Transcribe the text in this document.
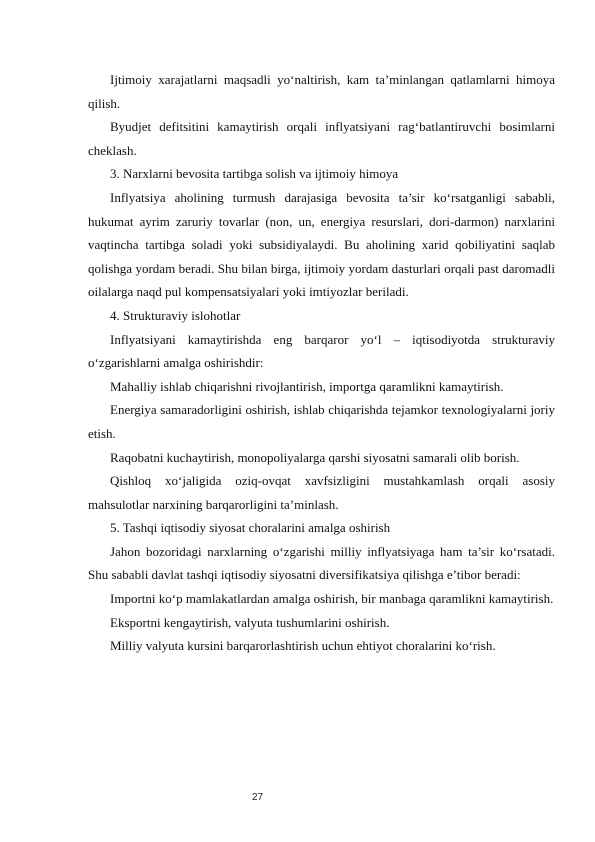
Ijtimoiy xarajatlarni maqsadli yo‘naltirish, kam ta’minlangan qatlamlarni himoya qilish.

Byudjet defitsitini kamaytirish orqali inflyatsiyani rag‘batlantiruvchi bosimlarni cheklash.

3. Narxlarni bevosita tartibga solish va ijtimoiy himoya

Inflyatsiya aholining turmush darajasiga bevosita ta’sir ko‘rsatganligi sababli, hukumat ayrim zaruriy tovarlar (non, un, energiya resurslari, dori-darmon) narxlarini vaqtincha tartibga soladi yoki subsidiyalaydi. Bu aholining xarid qobiliyatini saqlab qolishga yordam beradi. Shu bilan birga, ijtimoiy yordam dasturlari orqali past daromadli oilalarga naqd pul kompensatsiyalari yoki imtiyozlar beriladi.

4. Strukturaviy islohotlar

Inflyatsiyani kamaytirishda eng barqaror yo‘l – iqtisodiyotda strukturaviy o‘zgarishlarni amalga oshirishdir:

Mahalliy ishlab chiqarishni rivojlantirish, importga qaramlikni kamaytirish.

Energiya samaradorligini oshirish, ishlab chiqarishda tejamkor texnologiyalarni joriy etish.

Raqobatni kuchaytirish, monopoliyalarga qarshi siyosatni samarali olib borish.

Qishloq xo‘jaligida oziq-ovqat xavfsizligini mustahkamlash orqali asosiy mahsulotlar narxining barqarorligini ta’minlash.

5. Tashqi iqtisodiy siyosat choralarini amalga oshirish

Jahon bozoridagi narxlarning o‘zgarishi milliy inflyatsiyaga ham ta’sir ko‘rsatadi. Shu sababli davlat tashqi iqtisodiy siyosatni diversifikatsiya qilishga e’tibor beradi:

Importni ko‘p mamlakatlardan amalga oshirish, bir manbaga qaramlikni kamaytirish.

Eksportni kengaytirish, valyuta tushumlarini oshirish.

Milliy valyuta kursini barqarorlashtirish uchun ehtiyot choralarini ko‘rish.

27
